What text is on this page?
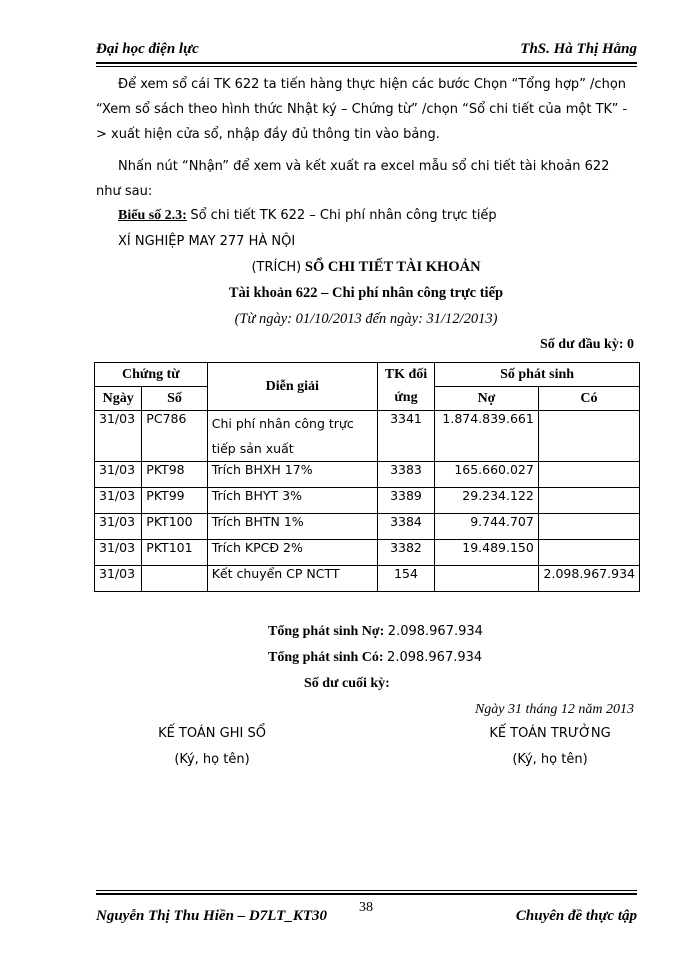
Đại học điện lực	ThS. Hà Thị Hằng
Để xem sổ cái TK 622 ta tiến hàng thực hiện các bước Chọn “Tổng hợp” /chọn “Xem sổ sách theo hình thức Nhật ký – Chứng từ” /chọn “Sổ chi tiết của một TK” -> xuất hiện cửa sổ, nhập đầy đủ thông tin vào bảng.
Nhấn nút “Nhận” để xem và kết xuất ra excel mẫu sổ chi tiết tài khoản 622 như sau:
Biểu số 2.3: Sổ chi tiết TK 622 – Chi phí nhân công trực tiếp
XÍ NGHIỆP MAY 277 HÀ NỘI
(TRÍCH) SỔ CHI TIẾT TÀI KHOẢN
Tài khoản 622 – Chi phí nhân công trực tiếp
(Từ ngày: 01/10/2013 đến ngày: 31/12/2013)
Số dư đầu kỳ: 0
Chứng từ		Diễn giải	TK đối	Số phát sinh	
Ngày	Số		ứng	Nợ	Có
31/03	PC786	Chi phí nhân công trực tiếp sản xuất	3341	1.874.839.661	
31/03	PKT98	Trích BHXH 17%	3383	165.660.027	
31/03	PKT99	Trích BHYT 3%	3389	29.234.122	
31/03	PKT100	Trích BHTN 1%	3384	9.744.707	
31/03	PKT101	Trích KPCĐ 2%	3382	19.489.150	
31/03		Kết chuyển CP NCTT	154		2.098.967.934
Tổng phát sinh Nợ: 2.098.967.934
Tổng phát sinh Có: 2.098.967.934
Số dư cuối kỳ:
Ngày 31 tháng 12 năm 2013
KẾ TOÁN GHI SỔ
(Ký, họ tên)
KẾ TOÁN TRƯỞNG
(Ký, họ tên)
Nguyễn Thị Thu Hiền – D7LT_KT30	Chuyên đề thực tập
38
